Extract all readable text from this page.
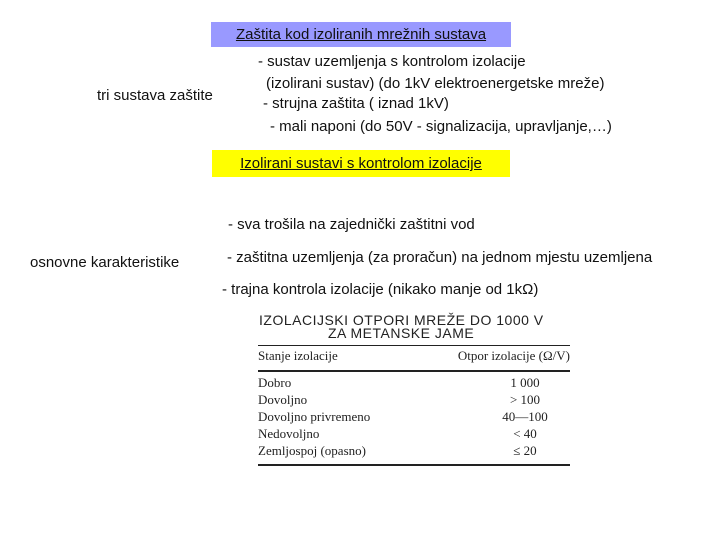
Zaštita kod izoliranih mrežnih sustava
tri sustava zaštite
- sustav uzemljenja s kontrolom izolacije
(izolirani sustav) (do 1kV elektroenergetske mreže)
- strujna zaštita ( iznad 1kV)
- mali naponi (do 50V - signalizacija, upravljanje,…)
Izolirani sustavi s kontrolom izolacije
osnovne karakteristike
- sva trošila na zajednički zaštitni vod
- zaštitna uzemljenja (za proračun) na jednom mjestu uzemljena
- trajna kontrola izolacije (nikako manje od 1kΩ)
IZOLACIJSKI OTPORI MREŽE DO 1000 V
ZA METANSKE JAME
Stanje izolacije	Otpor izolacije (Ω/V)
Dobro	1 000
Dovoljno	> 100
Dovoljno privremeno	40—100
Nedovoljno	< 40
Zemljospoj (opasno)	≤ 20
